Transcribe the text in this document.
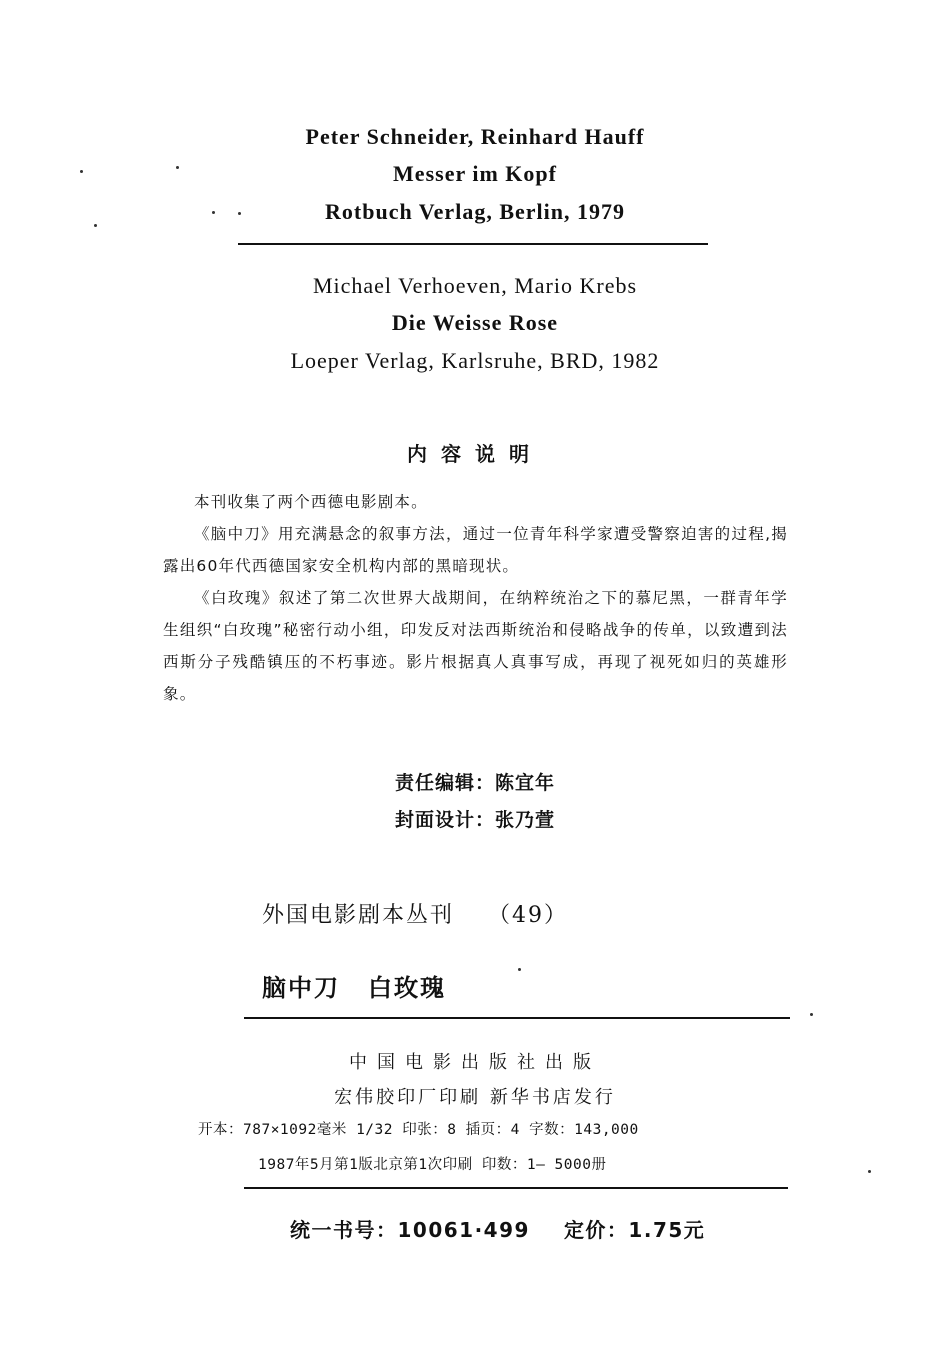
Peter Schneider, Reinhard Hauff
Messer im Kopf
Rotbuch Verlag, Berlin, 1979
Michael Verhoeven, Mario Krebs
Die Weisse Rose
Loeper Verlag, Karlsruhe, BRD, 1982
内容说明

本刊收集了两个西德电影剧本。

《脑中刀》用充满悬念的叙事方法，通过一位青年科学家遭受警察迫害的过程,揭露出60年代西德国家安全机构内部的黑暗现状。

《白玫瑰》叙述了第二次世界大战期间，在纳粹统治之下的慕尼黑，一群青年学生组织“白玫瑰”秘密行动小组，印发反对法西斯统治和侵略战争的传单，以致遭到法西斯分子残酷镇压的不朽事迹。影片根据真人真事写成，再现了视死如归的英雄形象。

责任编辑：陈宜年
封面设计：张乃萱
外国电影剧本丛刊 （49）
脑中刀 白玫瑰
中国电影出版社出版
宏伟胶印厂印刷 新华书店发行
开本：787×1092毫米 1/32 印张：8 插页：4 字数：143,000
1987年5月第1版北京第1次印刷 印数：1— 5000册
统一书号：10061·499 定价：1.75元
